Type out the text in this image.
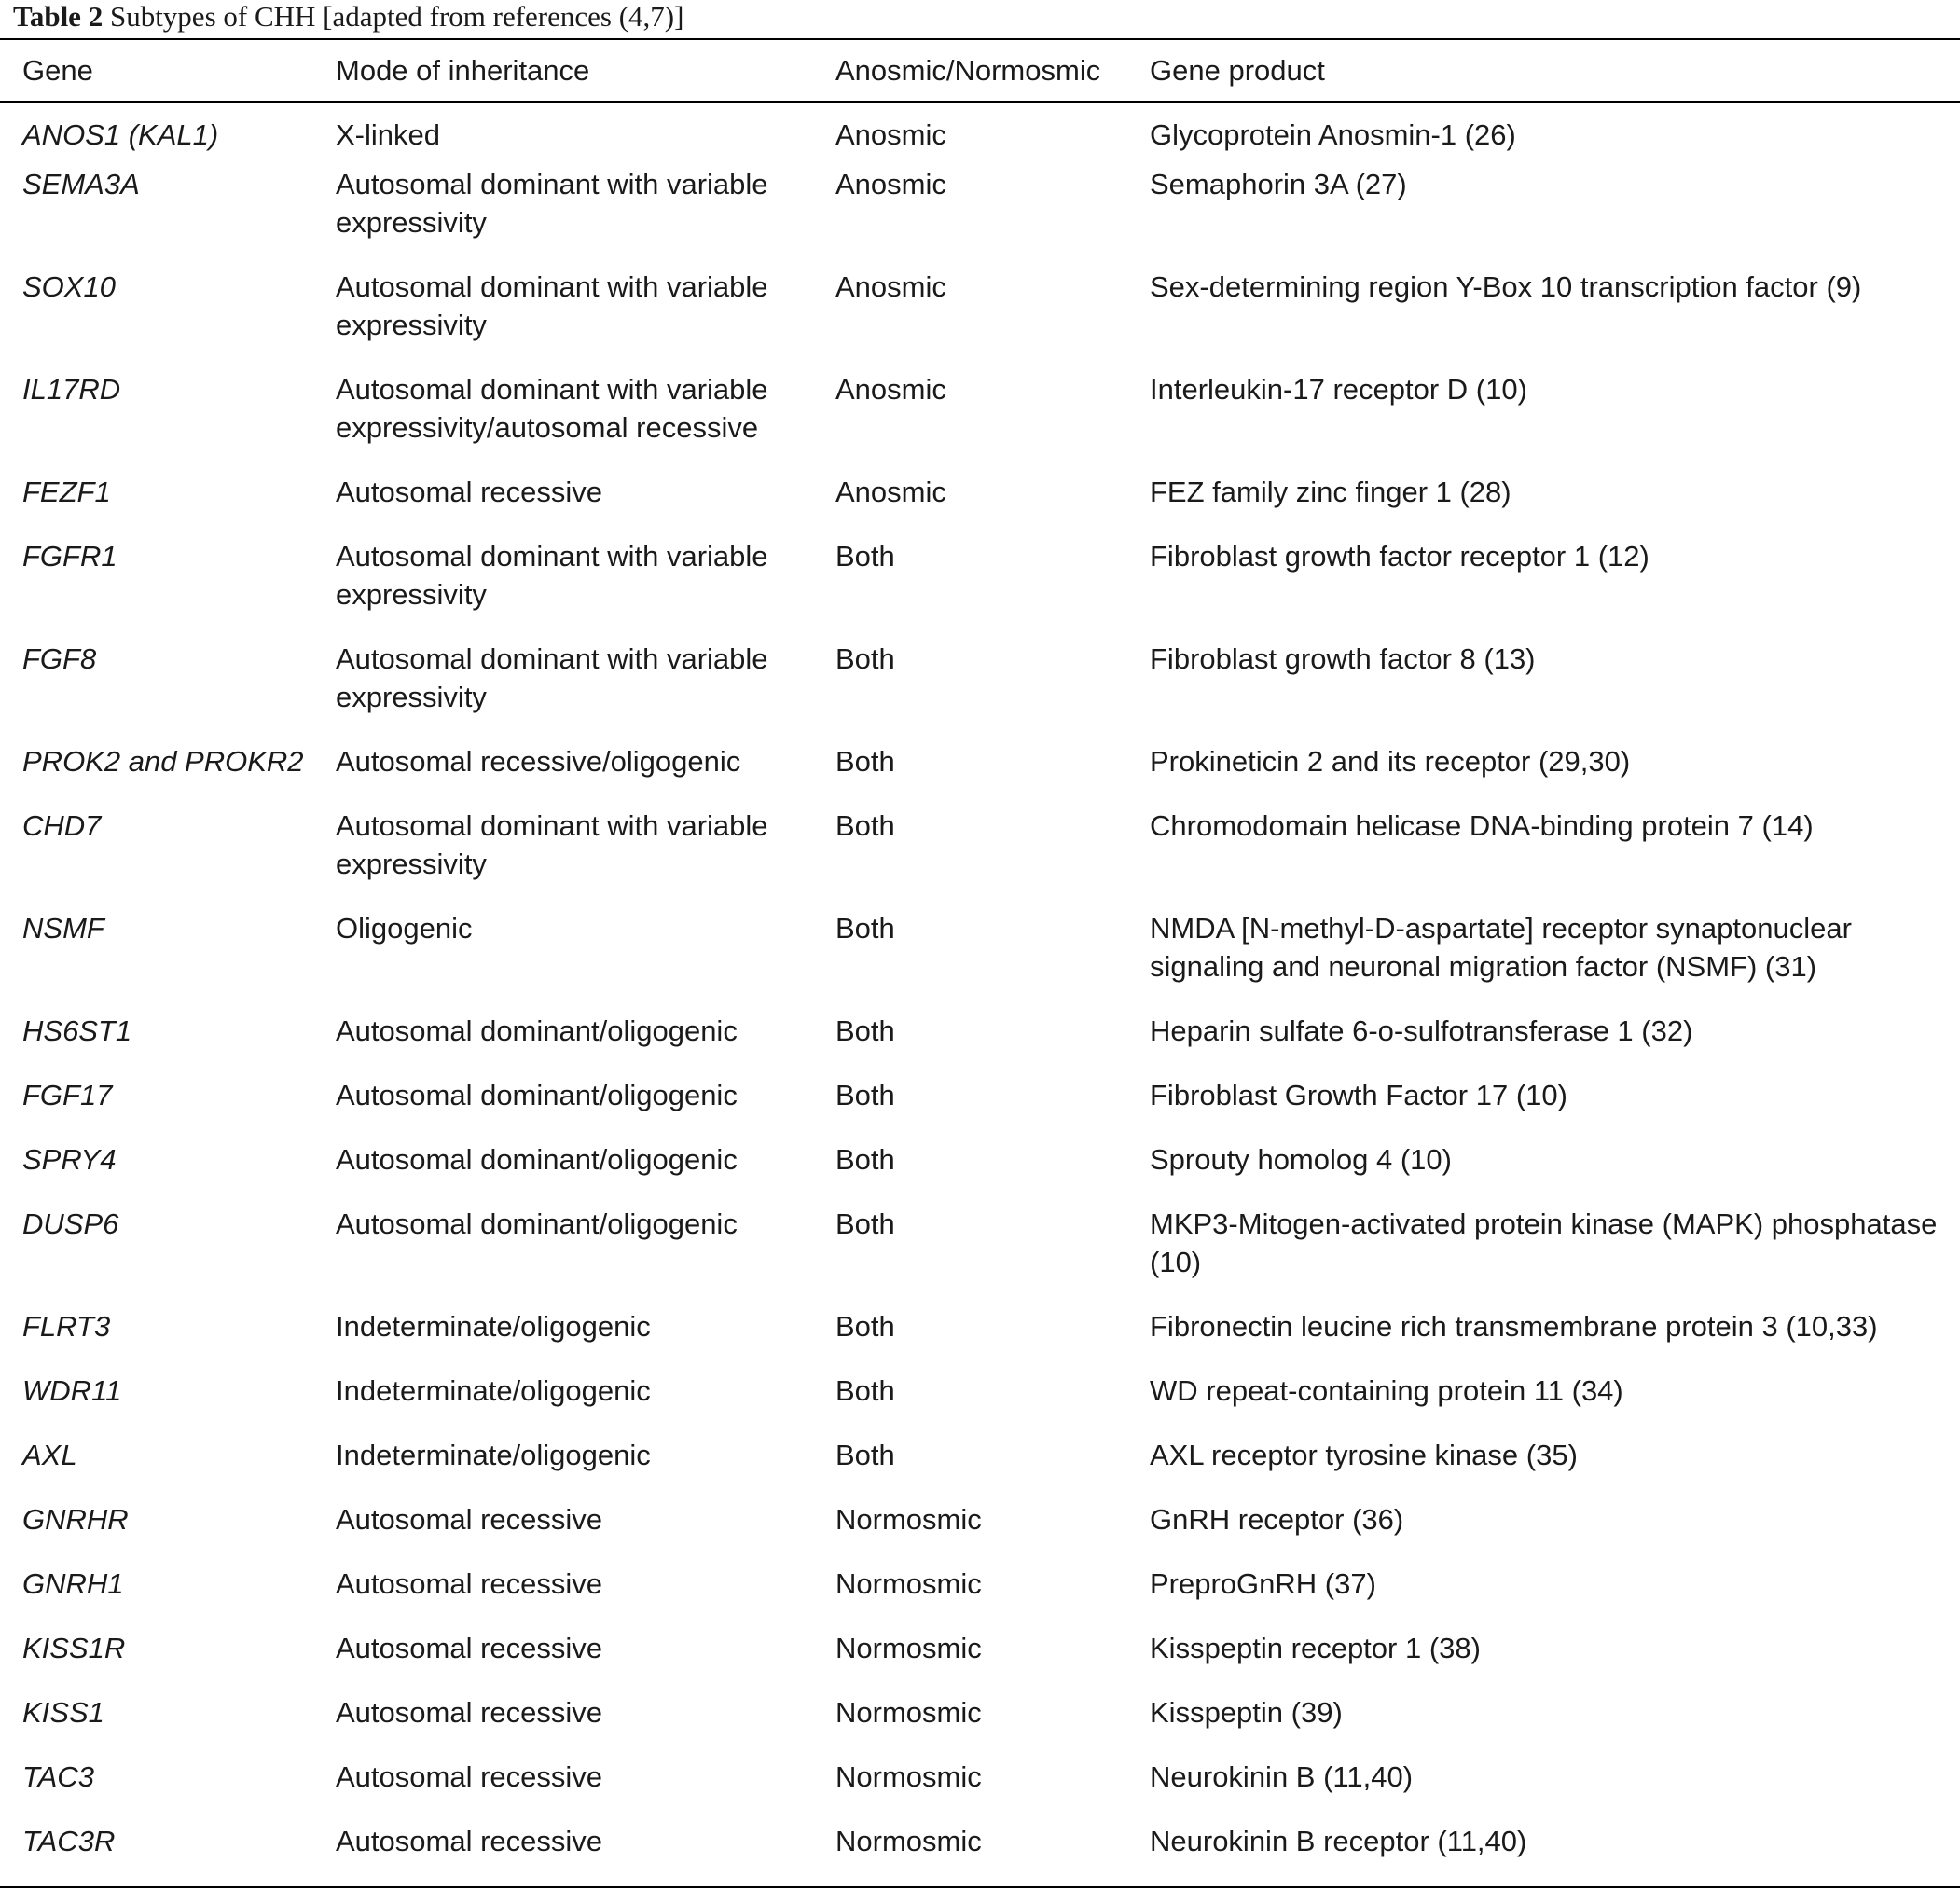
Table 2 Subtypes of CHH [adapted from references (4,7)]
Gene	Mode of inheritance	Anosmic/Normosmic	Gene product
ANOS1 (KAL1)	X-linked	Anosmic	Glycoprotein Anosmin-1 (26)
SEMA3A	Autosomal dominant with variable expressivity	Anosmic	Semaphorin 3A (27)
SOX10	Autosomal dominant with variable expressivity	Anosmic	Sex-determining region Y-Box 10 transcription factor (9)
IL17RD	Autosomal dominant with variable expressivity/autosomal recessive	Anosmic	Interleukin-17 receptor D (10)
FEZF1	Autosomal recessive	Anosmic	FEZ family zinc finger 1 (28)
FGFR1	Autosomal dominant with variable expressivity	Both	Fibroblast growth factor receptor 1 (12)
FGF8	Autosomal dominant with variable expressivity	Both	Fibroblast growth factor 8 (13)
PROK2 and PROKR2	Autosomal recessive/oligogenic	Both	Prokineticin 2 and its receptor (29,30)
CHD7	Autosomal dominant with variable expressivity	Both	Chromodomain helicase DNA-binding protein 7 (14)
NSMF	Oligogenic	Both	NMDA [N-methyl-D-aspartate] receptor synaptonuclear signaling and neuronal migration factor (NSMF) (31)
HS6ST1	Autosomal dominant/oligogenic	Both	Heparin sulfate 6-o-sulfotransferase 1 (32)
FGF17	Autosomal dominant/oligogenic	Both	Fibroblast Growth Factor 17 (10)
SPRY4	Autosomal dominant/oligogenic	Both	Sprouty homolog 4 (10)
DUSP6	Autosomal dominant/oligogenic	Both	MKP3-Mitogen-activated protein kinase (MAPK) phosphatase (10)
FLRT3	Indeterminate/oligogenic	Both	Fibronectin leucine rich transmembrane protein 3 (10,33)
WDR11	Indeterminate/oligogenic	Both	WD repeat-containing protein 11 (34)
AXL	Indeterminate/oligogenic	Both	AXL receptor tyrosine kinase (35)
GNRHR	Autosomal recessive	Normosmic	GnRH receptor (36)
GNRH1	Autosomal recessive	Normosmic	PreproGnRH (37)
KISS1R	Autosomal recessive	Normosmic	Kisspeptin receptor 1 (38)
KISS1	Autosomal recessive	Normosmic	Kisspeptin (39)
TAC3	Autosomal recessive	Normosmic	Neurokinin B (11,40)
TAC3R	Autosomal recessive	Normosmic	Neurokinin B receptor (11,40)
